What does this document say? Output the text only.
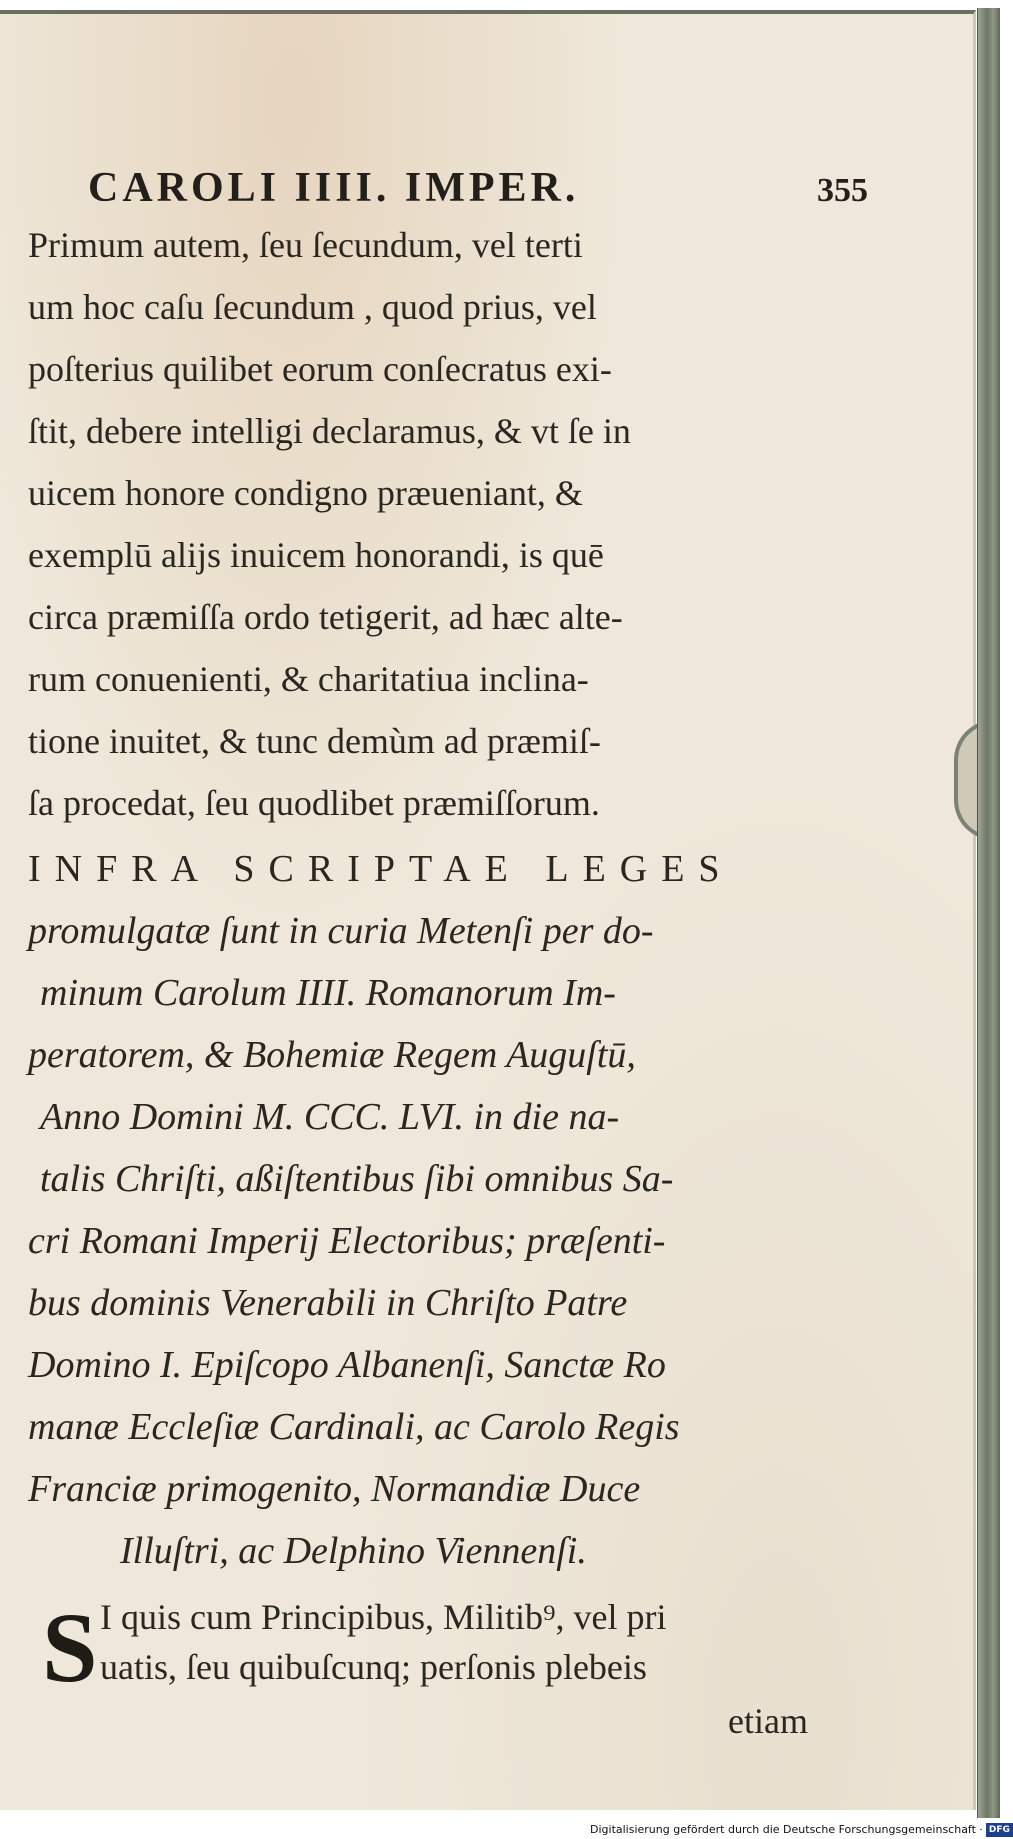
CAROLI IIII. IMPER.	355

Primum autem, ſeu ſecundum, vel terti
um hoc caſu ſecundum , quod prius, vel
poſterius quilibet eorum conſecratus exi-
ſtit, debere intelligi declaramus, & vt ſe in
uicem honore condigno præueniant, &
exemplū alijs inuicem honorandi, is quē
circa præmiſſa ordo tetigerit, ad hæc alte-
rum conuenienti, & charitatiua inclina-
tione inuitet, & tunc demùm ad præmiſ-
ſa procedat, ſeu quodlibet præmiſſorum.

INFRA SCRIPTAE LEGES
promulgatæ ſunt in curia Metenſi per do-
minum Carolum IIII. Romanorum Im-
peratorem, & Bohemiæ Regem Auguſtū,
Anno Domini M. CCC. LVI. in die na-
talis Chriſti, aßiſtentibus ſibi omnibus Sa-
cri Romani Imperij Electoribus; præſenti-
bus dominis Venerabili in Chriſto Patre
Domino I. Epiſcopo Albanenſi, Sanctæ Ro
manæ Eccleſiæ Cardinali, ac Carolo Regis
Franciæ primogenito, Normandiæ Duce
Illuſtri, ac Delphino Viennenſi.
S I quis cum Principibus, Militib⁹, vel pri
uatis, ſeu quibuſcunq; perſonis plebeis
etiam
Digitalisierung gefördert durch die Deutsche Forschungsgemeinschaft · DFG
